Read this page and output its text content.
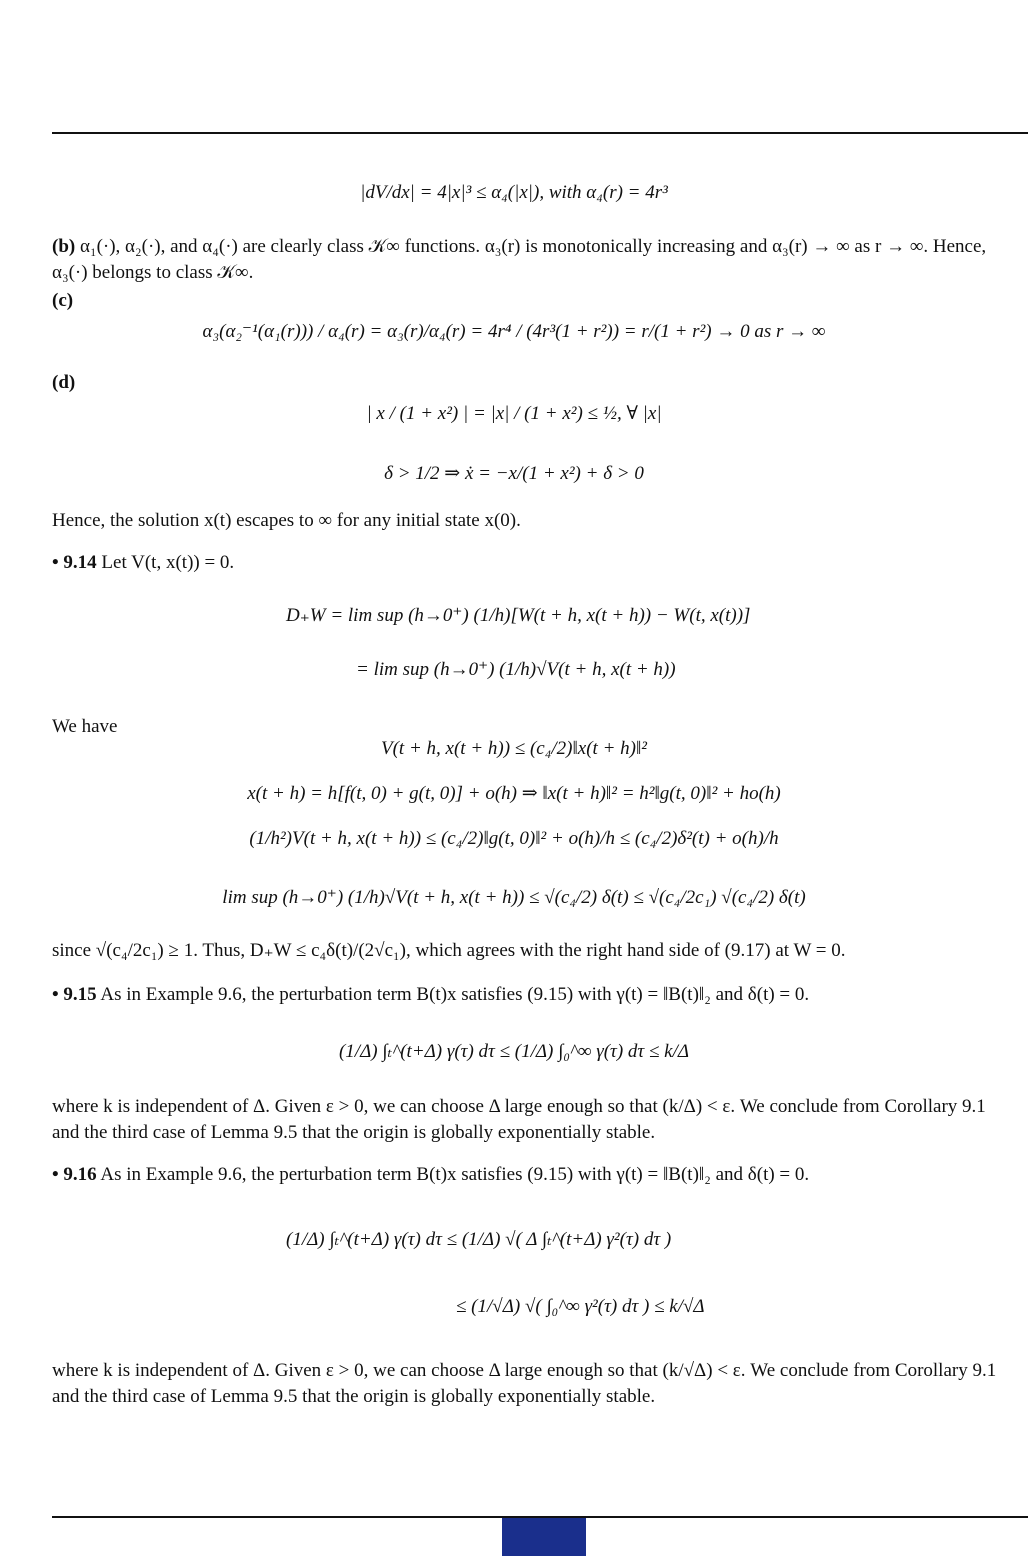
|dV/dx| = 4|x|³ ≤ α₄(|x|), with α₄(r) = 4r³
(b) α₁(·), α₂(·), and α₄(·) are clearly class 𝒦∞ functions. α₃(r) is monotonically increasing and α₃(r) → ∞ as r → ∞. Hence, α₃(·) belongs to class 𝒦∞.
(c)
α₃(α₂⁻¹(α₁(r))) / α₄(r) = α₃(r)/α₄(r) = 4r⁴ / (4r³(1 + r²)) = r/(1 + r²) → 0 as r → ∞
(d)
| x / (1 + x²) | = |x| / (1 + x²) ≤ ½, ∀ |x|
δ > 1/2 ⇒ ẋ = −x/(1 + x²) + δ > 0
Hence, the solution x(t) escapes to ∞ for any initial state x(0).
• 9.14 Let V(t, x(t)) = 0.
D₊W = lim sup (h→0⁺) (1/h)[W(t + h, x(t + h)) − W(t, x(t))]
= lim sup (h→0⁺) (1/h)√V(t + h, x(t + h))
We have
V(t + h, x(t + h)) ≤ (c₄/2)‖x(t + h)‖²
x(t + h) = h[f(t, 0) + g(t, 0)] + o(h) ⇒ ‖x(t + h)‖² = h²‖g(t, 0)‖² + ho(h)
(1/h²)V(t + h, x(t + h)) ≤ (c₄/2)‖g(t, 0)‖² + o(h)/h ≤ (c₄/2)δ²(t) + o(h)/h
lim sup (h→0⁺) (1/h)√V(t + h, x(t + h)) ≤ √(c₄/2) δ(t) ≤ √(c₄/2c₁) √(c₄/2) δ(t)
since √(c₄/2c₁) ≥ 1. Thus, D₊W ≤ c₄δ(t)/(2√c₁), which agrees with the right hand side of (9.17) at W = 0.
• 9.15 As in Example 9.6, the perturbation term B(t)x satisfies (9.15) with γ(t) = ‖B(t)‖₂ and δ(t) = 0.
(1/Δ) ∫ₜ^(t+Δ) γ(τ) dτ ≤ (1/Δ) ∫₀^∞ γ(τ) dτ ≤ k/Δ
where k is independent of Δ. Given ε > 0, we can choose Δ large enough so that (k/Δ) < ε. We conclude from Corollary 9.1 and the third case of Lemma 9.5 that the origin is globally exponentially stable.
• 9.16 As in Example 9.6, the perturbation term B(t)x satisfies (9.15) with γ(t) = ‖B(t)‖₂ and δ(t) = 0.
(1/Δ) ∫ₜ^(t+Δ) γ(τ) dτ ≤ (1/Δ) √( Δ ∫ₜ^(t+Δ) γ²(τ) dτ )
≤ (1/√Δ) √( ∫₀^∞ γ²(τ) dτ ) ≤ k/√Δ
where k is independent of Δ. Given ε > 0, we can choose Δ large enough so that (k/√Δ) < ε. We conclude from Corollary 9.1 and the third case of Lemma 9.5 that the origin is globally exponentially stable.
